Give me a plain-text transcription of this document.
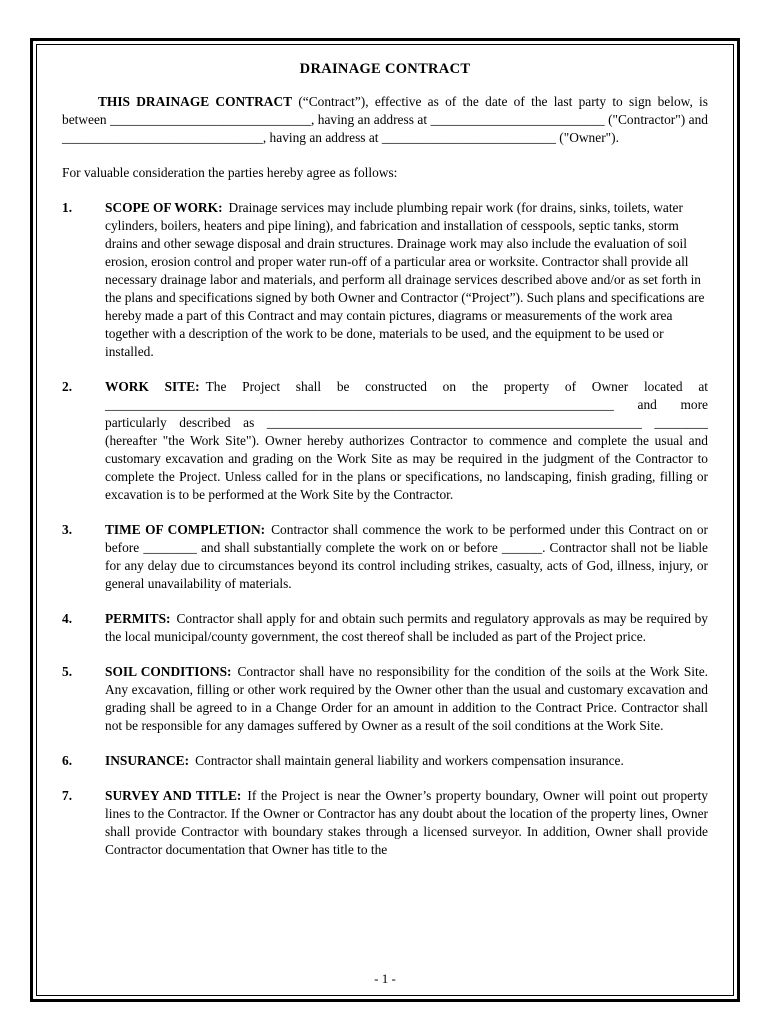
DRAINAGE CONTRACT

THIS DRAINAGE CONTRACT (“Contract”), effective as of the date of the last party to sign below, is between ______________________________, having an address at __________________________ ("Contractor") and ______________________________, having an address at __________________________ ("Owner").

For valuable consideration the parties hereby agree as follows:

1. SCOPE OF WORK: Drainage services may include plumbing repair work (for drains, sinks, toilets, water cylinders, boilers, heaters and pipe lining), and fabrication and installation of cesspools, septic tanks, storm drains and other sewage disposal and drain structures. Drainage work may also include the evaluation of soil erosion, erosion control and proper water run-off of a particular area or worksite. Contractor shall provide all necessary drainage labor and materials, and perform all drainage services described above and/or as set forth in the plans and specifications signed by both Owner and Contractor (“Project”). Such plans and specifications are hereby made a part of this Contract and may contain pictures, diagrams or measurements of the work area together with a description of the work to be done, materials to be used, and the equipment to be used or installed.

2. WORK SITE: The Project shall be constructed on the property of Owner located at ____________________________________________________________________________ and more particularly described as ________________________________________________________ ________ (hereafter "the Work Site"). Owner hereby authorizes Contractor to commence and complete the usual and customary excavation and grading on the Work Site as may be required in the judgment of the Contractor to complete the Project. Unless called for in the plans or specifications, no landscaping, finish grading, filling or excavation is to be performed at the Work Site by the Contractor.

3. TIME OF COMPLETION: Contractor shall commence the work to be performed under this Contract on or before ________ and shall substantially complete the work on or before ______. Contractor shall not be liable for any delay due to circumstances beyond its control including strikes, casualty, acts of God, illness, injury, or general unavailability of materials.

4. PERMITS: Contractor shall apply for and obtain such permits and regulatory approvals as may be required by the local municipal/county government, the cost thereof shall be included as part of the Project price.

5. SOIL CONDITIONS: Contractor shall have no responsibility for the condition of the soils at the Work Site. Any excavation, filling or other work required by the Owner other than the usual and customary excavation and grading shall be agreed to in a Change Order for an amount in addition to the Contract Price. Contractor shall not be responsible for any damages suffered by Owner as a result of the soil conditions at the Work Site.

6. INSURANCE: Contractor shall maintain general liability and workers compensation insurance.

7. SURVEY AND TITLE: If the Project is near the Owner’s property boundary, Owner will point out property lines to the Contractor. If the Owner or Contractor has any doubt about the location of the property lines, Owner shall provide Contractor with boundary stakes through a licensed surveyor. In addition, Owner shall provide Contractor documentation that Owner has title to the

- 1 -
